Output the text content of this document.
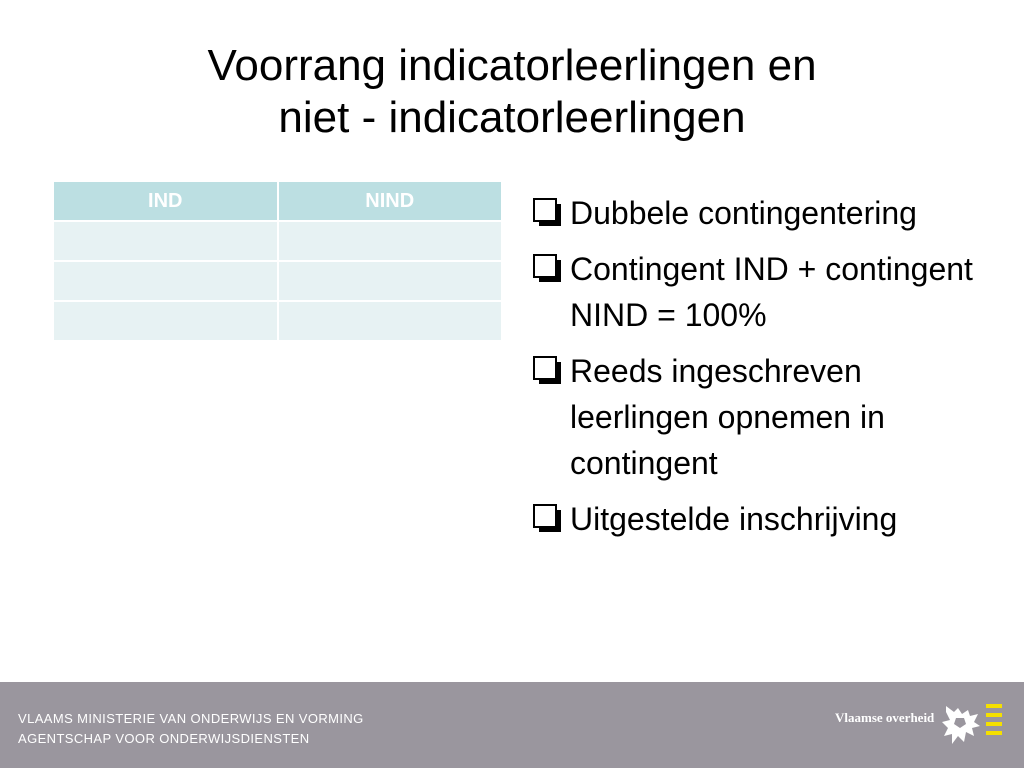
Voorrang indicatorleerlingen en
niet - indicatorleerlingen
IND	NIND

		Dubbele contingentering
Contingent IND + contingent NIND = 100%
Reeds ingeschreven leerlingen opnemen in contingent
Uitgestelde inschrijving
VLAAMS MINISTERIE VAN ONDERWIJS EN VORMING
AGENTSCHAP VOOR ONDERWIJSDIENSTEN
Vlaamse overheid
